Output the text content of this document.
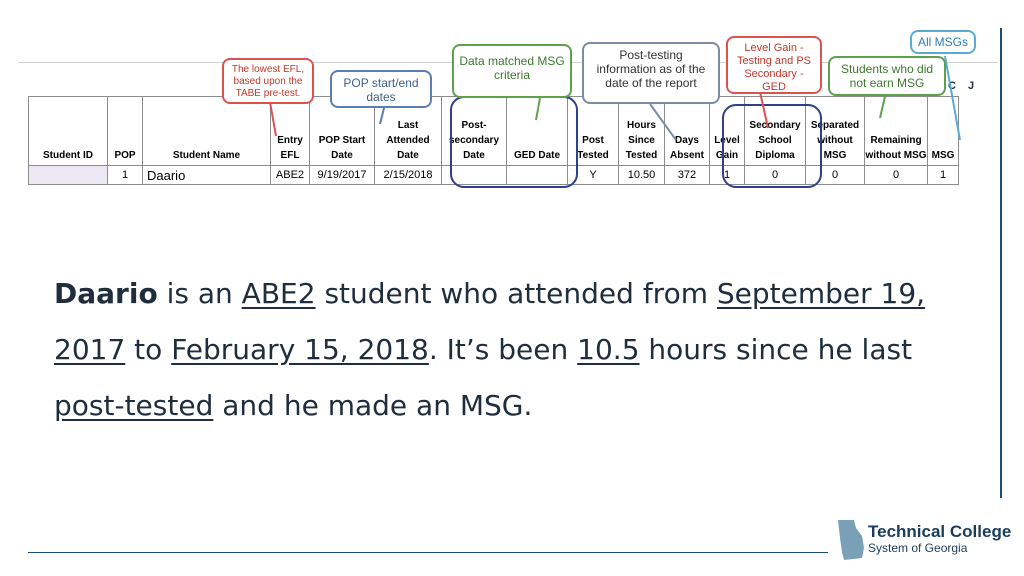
Student ID	POP	Student Name	Entry EFL	POP Start Date	Last Attended Date	Post-secondary Date	GED Date	Post Tested	Hours Since Tested	Days Absent	Level Gain	Secondary School Diploma	Separated without MSG	Remaining without MSG	MSG
	1	Daario	ABE2	9/19/2017	2/15/2018			Y	10.50	372	1	0	0	0	1
C J
The lowest EFL, based upon the TABE pre-test.
POP start/end dates
Data matched MSG criteria
Post-testing information as of the date of the report
Level Gain - Testing and PS Secondary - GED
Students who did not earn MSG
All MSGs
Daario is an ABE2 student who attended from September 19, 2017 to February 15, 2018. It’s been 10.5 hours since he last post-tested and he made an MSG.
Technical College
System of Georgia
